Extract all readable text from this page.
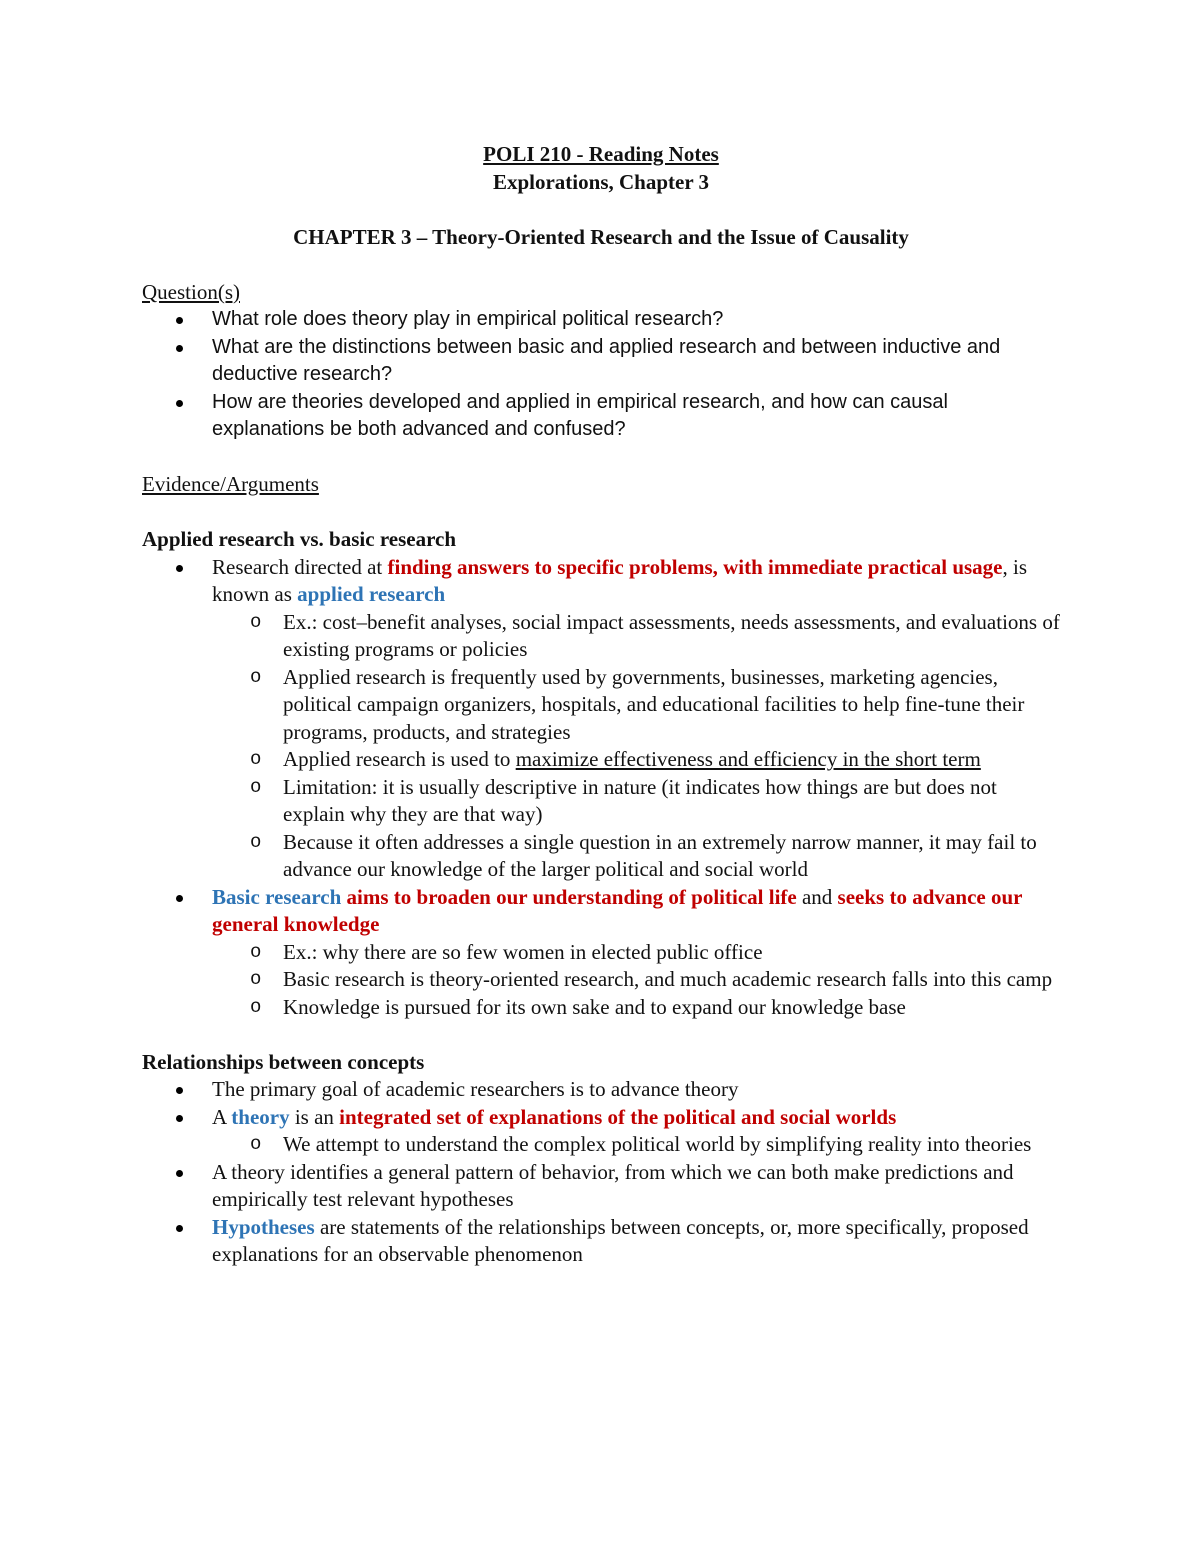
POLI 210 - Reading Notes
Explorations, Chapter 3
CHAPTER 3 – Theory-Oriented Research and the Issue of Causality
Question(s)
What role does theory play in empirical political research?
What are the distinctions between basic and applied research and between inductive and deductive research?
How are theories developed and applied in empirical research, and how can causal explanations be both advanced and confused?
Evidence/Arguments
Applied research vs. basic research
Research directed at finding answers to specific problems, with immediate practical usage, is known as applied research
o Ex.: cost–benefit analyses, social impact assessments, needs assessments, and evaluations of existing programs or policies
o Applied research is frequently used by governments, businesses, marketing agencies, political campaign organizers, hospitals, and educational facilities to help fine-tune their programs, products, and strategies
o Applied research is used to maximize effectiveness and efficiency in the short term
o Limitation: it is usually descriptive in nature (it indicates how things are but does not explain why they are that way)
o Because it often addresses a single question in an extremely narrow manner, it may fail to advance our knowledge of the larger political and social world
Basic research aims to broaden our understanding of political life and seeks to advance our general knowledge
o Ex.: why there are so few women in elected public office
o Basic research is theory-oriented research, and much academic research falls into this camp
o Knowledge is pursued for its own sake and to expand our knowledge base
Relationships between concepts
The primary goal of academic researchers is to advance theory
A theory is an integrated set of explanations of the political and social worlds
o We attempt to understand the complex political world by simplifying reality into theories
A theory identifies a general pattern of behavior, from which we can both make predictions and empirically test relevant hypotheses
Hypotheses are statements of the relationships between concepts, or, more specifically, proposed explanations for an observable phenomenon
